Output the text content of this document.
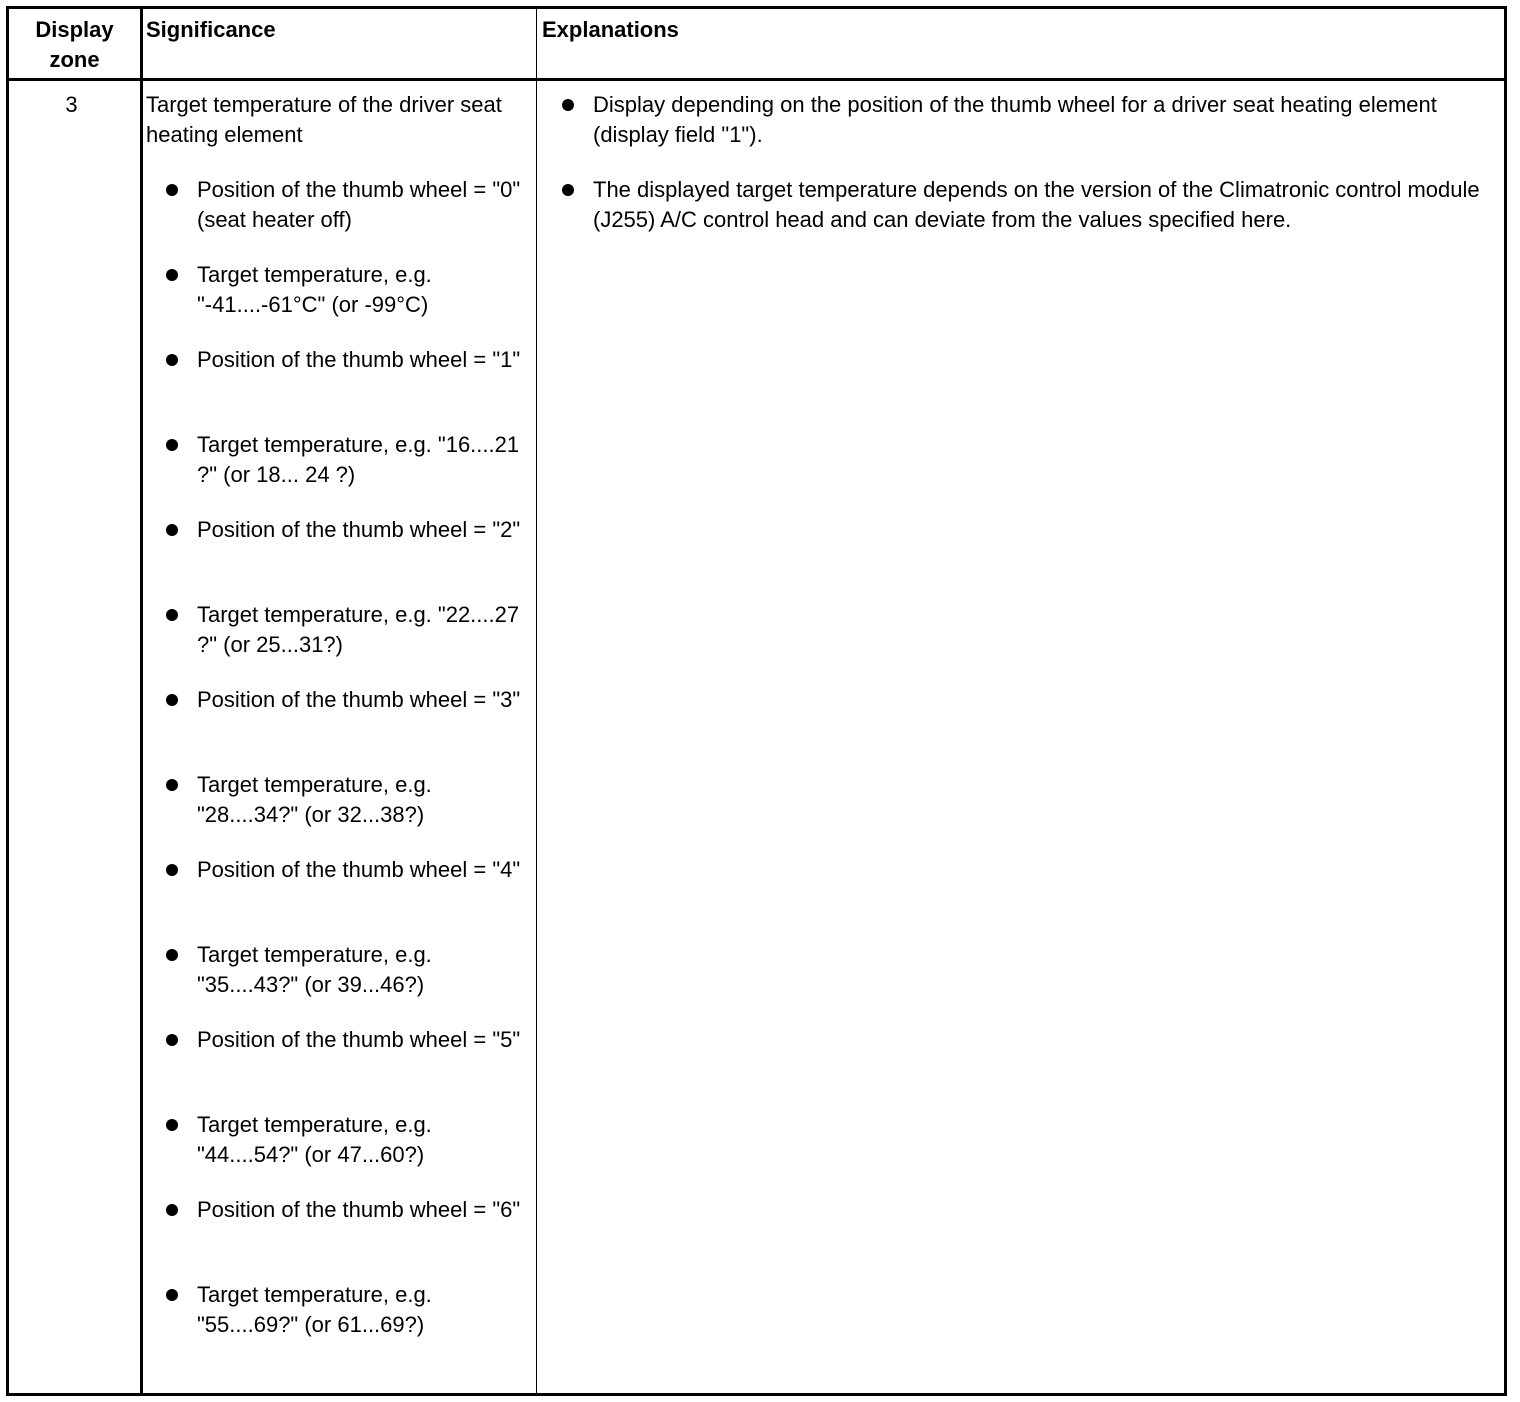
Display
zone
Significance	Explanations
3	Target temperature of the driver seat heating element
Position of the thumb wheel = "0" (seat heater off)
Target temperature, e.g. "-41....-61°C" (or -99°C)
Position of the thumb wheel = "1"
Target temperature, e.g. "16....21 ?" (or 18... 24 ?)
Position of the thumb wheel = "2"
Target temperature, e.g. "22....27 ?" (or 25...31?)
Position of the thumb wheel = "3"
Target temperature, e.g. "28....34?" (or 32...38?)
Position of the thumb wheel = "4"
Target temperature, e.g. "35....43?" (or 39...46?)
Position of the thumb wheel = "5"
Target temperature, e.g. "44....54?" (or 47...60?)
Position of the thumb wheel = "6"
Target temperature, e.g. "55....69?" (or 61...69?)
Display depending on the position of the thumb wheel for a driver seat heating element (display field "1").
The displayed target temperature depends on the version of the Climatronic control module (J255) A/C control head and can deviate from the values specified here.
